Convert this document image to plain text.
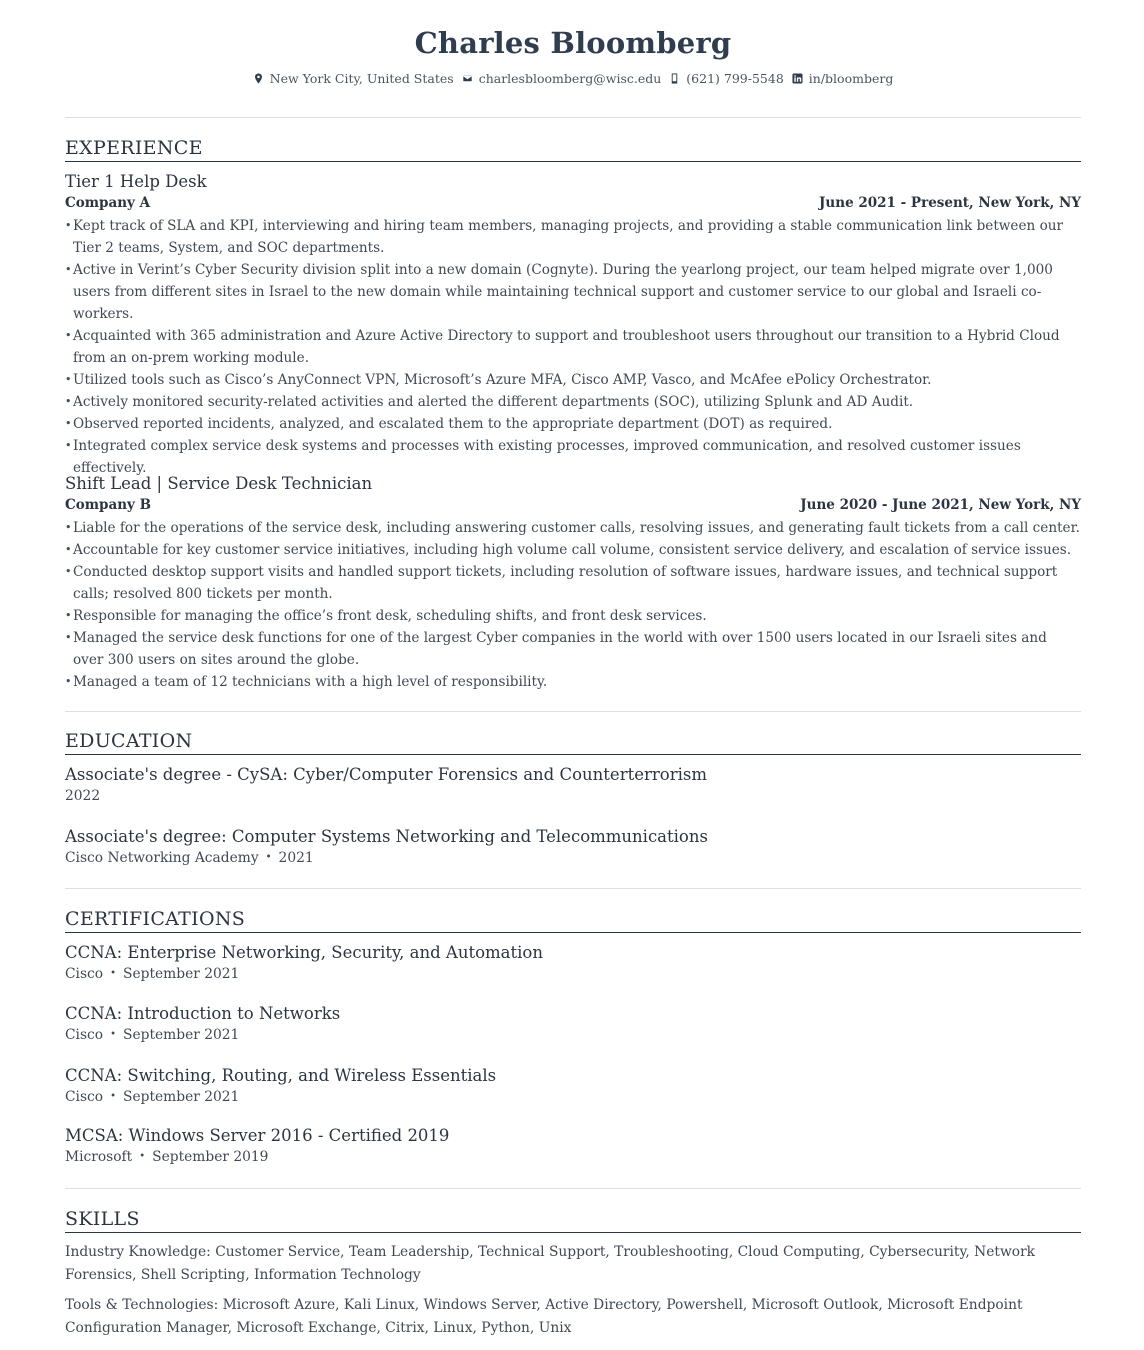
Charles Bloomberg
New York City, United States charlesbloomberg@wisc.edu (621) 799-5548 in/bloomberg
EXPERIENCE
Tier 1 Help Desk
Company A	June 2021 - Present, New York, NY
• Kept track of SLA and KPI, interviewing and hiring team members, managing projects, and providing a stable communication link between our Tier 2 teams, System, and SOC departments.
• Active in Verint’s Cyber Security division split into a new domain (Cognyte). During the yearlong project, our team helped migrate over 1,000 users from different sites in Israel to the new domain while maintaining technical support and customer service to our global and Israeli co-workers.
• Acquainted with 365 administration and Azure Active Directory to support and troubleshoot users throughout our transition to a Hybrid Cloud from an on-prem working module.
• Utilized tools such as Cisco’s AnyConnect VPN, Microsoft’s Azure MFA, Cisco AMP, Vasco, and McAfee ePolicy Orchestrator.
• Actively monitored security-related activities and alerted the different departments (SOC), utilizing Splunk and AD Audit.
• Observed reported incidents, analyzed, and escalated them to the appropriate department (DOT) as required.
• Integrated complex service desk systems and processes with existing processes, improved communication, and resolved customer issues effectively.
Shift Lead | Service Desk Technician
Company B	June 2020 - June 2021, New York, NY
• Liable for the operations of the service desk, including answering customer calls, resolving issues, and generating fault tickets from a call center.
• Accountable for key customer service initiatives, including high volume call volume, consistent service delivery, and escalation of service issues.
• Conducted desktop support visits and handled support tickets, including resolution of software issues, hardware issues, and technical support calls; resolved 800 tickets per month.
• Responsible for managing the office’s front desk, scheduling shifts, and front desk services.
• Managed the service desk functions for one of the largest Cyber companies in the world with over 1500 users located in our Israeli sites and over 300 users on sites around the globe.
• Managed a team of 12 technicians with a high level of responsibility.
EDUCATION
Associate's degree - CySA: Cyber/Computer Forensics and Counterterrorism
2022
Associate's degree: Computer Systems Networking and Telecommunications
Cisco Networking Academy • 2021
CERTIFICATIONS
CCNA: Enterprise Networking, Security, and Automation
Cisco • September 2021
CCNA: Introduction to Networks
Cisco • September 2021
CCNA: Switching, Routing, and Wireless Essentials
Cisco • September 2021
MCSA: Windows Server 2016 - Certified 2019
Microsoft • September 2019
SKILLS
Industry Knowledge: Customer Service, Team Leadership, Technical Support, Troubleshooting, Cloud Computing, Cybersecurity, Network Forensics, Shell Scripting, Information Technology
Tools & Technologies: Microsoft Azure, Kali Linux, Windows Server, Active Directory, Powershell, Microsoft Outlook, Microsoft Endpoint Configuration Manager, Microsoft Exchange, Citrix, Linux, Python, Unix
